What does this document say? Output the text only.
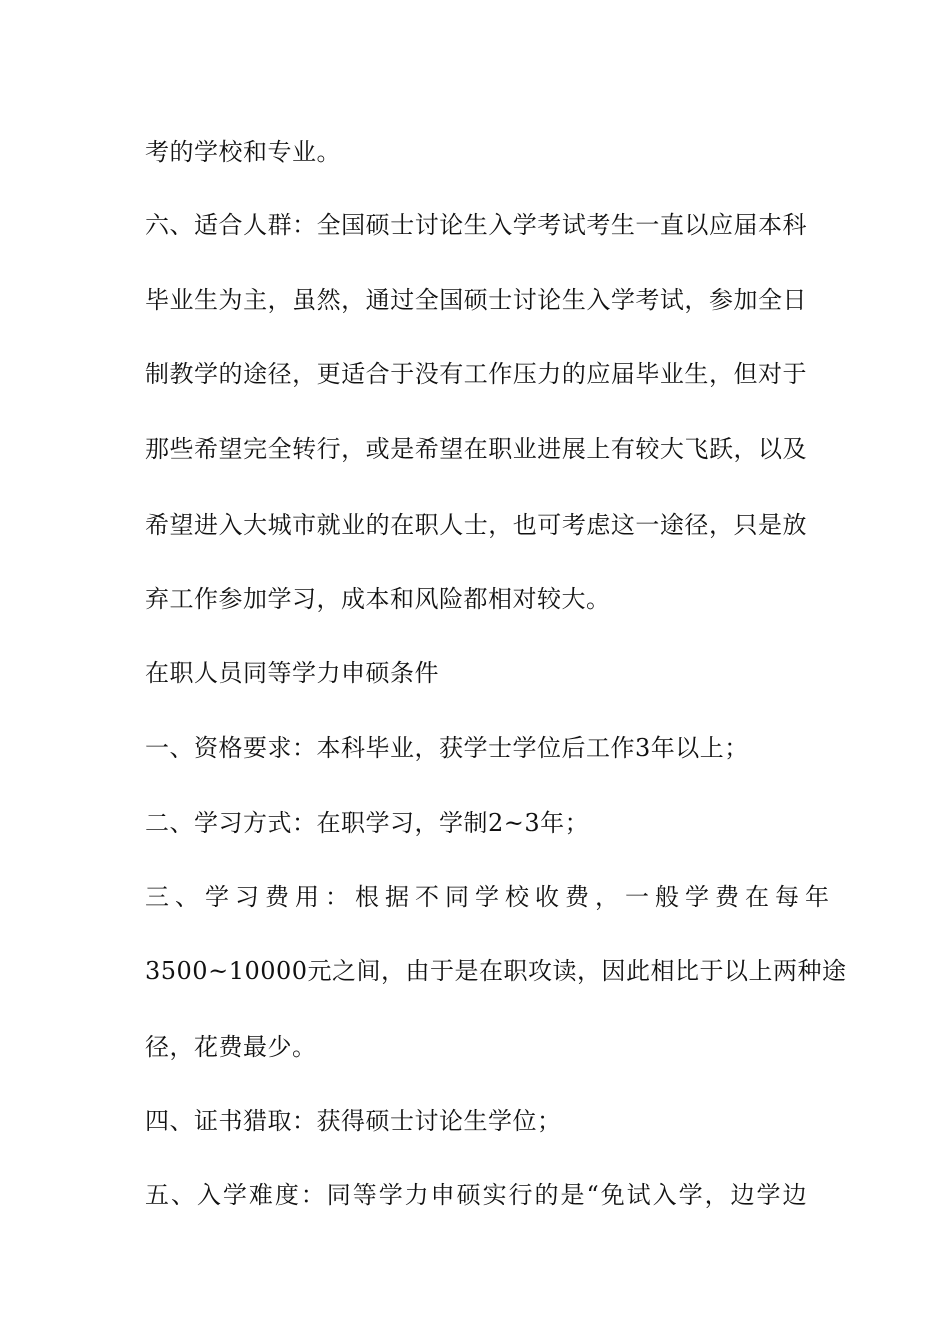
考的学校和专业。
六、适合人群：全国硕士讨论生入学考试考生一直以应届本科
毕业生为主，虽然，通过全国硕士讨论生入学考试，参加全日
制教学的途径，更适合于没有工作压力的应届毕业生，但对于
那些希望完全转行，或是希望在职业进展上有较大飞跃，以及
希望进入大城市就业的在职人士，也可考虑这一途径，只是放
弃工作参加学习，成本和风险都相对较大。
在职人员同等学力申硕条件
一、资格要求：本科毕业，获学士学位后工作3年以上；
二、学习方式：在职学习，学制2~3年；
三、学习费用：根据不同学校收费，一般学费在每年
3500~10000元之间，由于是在职攻读，因此相比于以上两种途
径，花费最少。
四、证书猎取：获得硕士讨论生学位；
五、入学难度：同等学力申硕实行的是“免试入学，边学边
